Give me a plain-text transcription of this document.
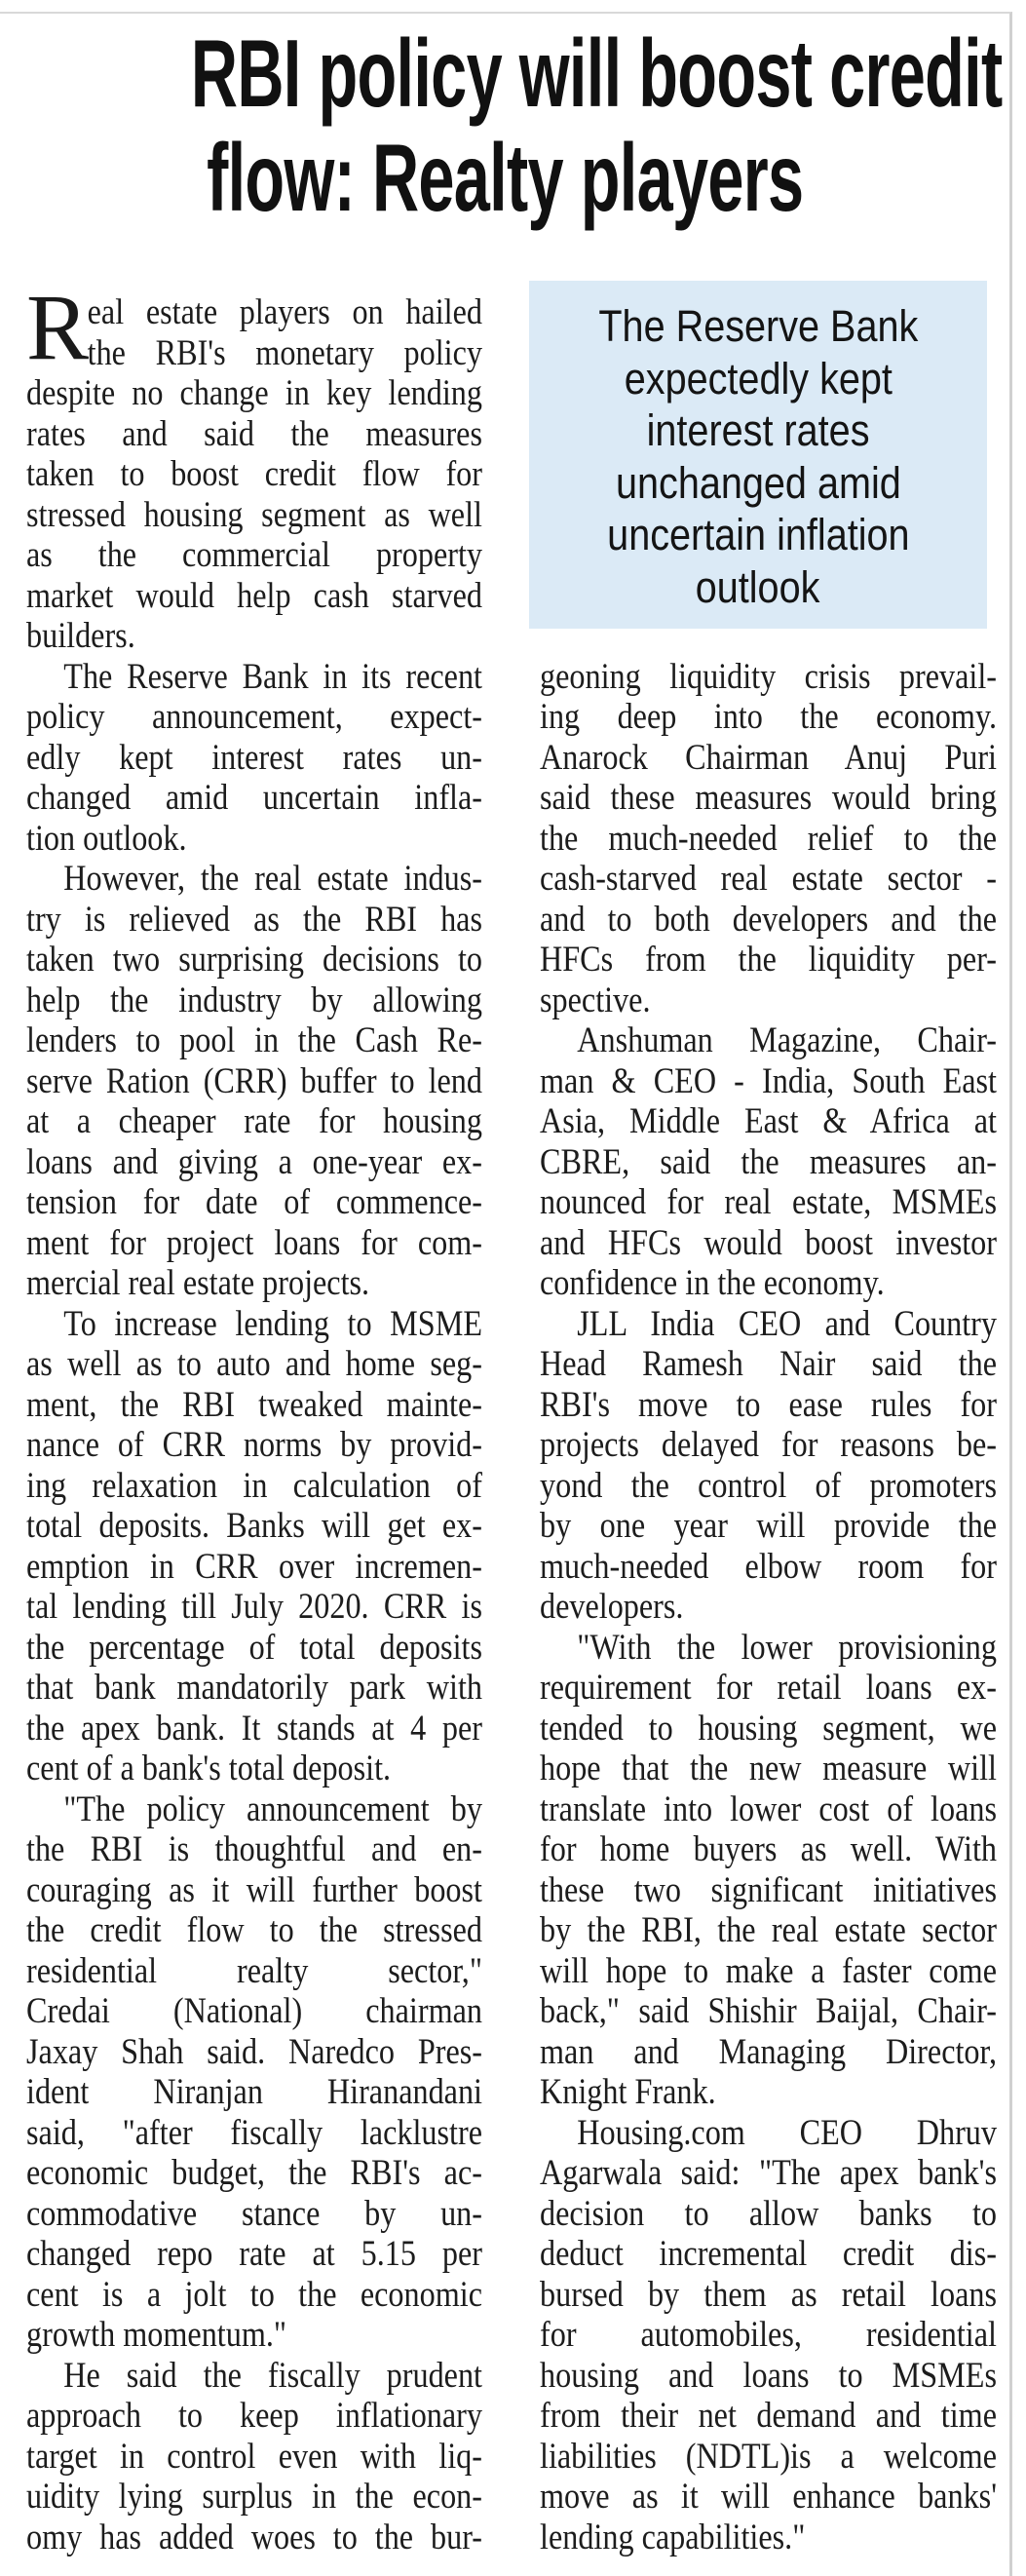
RBI policy will boost credit
flow: Realty players
The Reserve Bank
expectedly kept
interest rates
unchanged amid
uncertain inflation
outlook
R
eal estate players on hailed
the RBI's monetary policy
despite no change in key lending
rates and said the measures
taken to boost credit flow for
stressed housing segment as well
as the commercial property
market would help cash starved
builders.
The Reserve Bank in its recent
policy announcement, expect-
edly kept interest rates un-
changed amid uncertain infla-
tion outlook.
However, the real estate indus-
try is relieved as the RBI has
taken two surprising decisions to
help the industry by allowing
lenders to pool in the Cash Re-
serve Ration (CRR) buffer to lend
at a cheaper rate for housing
loans and giving a one-year ex-
tension for date of commence-
ment for project loans for com-
mercial real estate projects.
To increase lending to MSME
as well as to auto and home seg-
ment, the RBI tweaked mainte-
nance of CRR norms by provid-
ing relaxation in calculation of
total deposits. Banks will get ex-
emption in CRR over incremen-
tal lending till July 2020. CRR is
the percentage of total deposits
that bank mandatorily park with
the apex bank. It stands at 4 per
cent of a bank's total deposit.
"The policy announcement by
the RBI is thoughtful and en-
couraging as it will further boost
the credit flow to the stressed
residential realty sector,"
Credai (National) chairman
Jaxay Shah said. Naredco Pres-
ident Niranjan Hiranandani
said, "after fiscally lacklustre
economic budget, the RBI's ac-
commodative stance by un-
changed repo rate at 5.15 per
cent is a jolt to the economic
growth momentum."
He said the fiscally prudent
approach to keep inflationary
target in control even with liq-
uidity lying surplus in the econ-
omy has added woes to the bur-
geoning liquidity crisis prevail-
ing deep into the economy.
Anarock Chairman Anuj Puri
said these measures would bring
the much-needed relief to the
cash-starved real estate sector -
and to both developers and the
HFCs from the liquidity per-
spective.
Anshuman Magazine, Chair-
man & CEO - India, South East
Asia, Middle East & Africa at
CBRE, said the measures an-
nounced for real estate, MSMEs
and HFCs would boost investor
confidence in the economy.
JLL India CEO and Country
Head Ramesh Nair said the
RBI's move to ease rules for
projects delayed for reasons be-
yond the control of promoters
by one year will provide the
much-needed elbow room for
developers.
"With the lower provisioning
requirement for retail loans ex-
tended to housing segment, we
hope that the new measure will
translate into lower cost of loans
for home buyers as well. With
these two significant initiatives
by the RBI, the real estate sector
will hope to make a faster come
back," said Shishir Baijal, Chair-
man and Managing Director,
Knight Frank.
Housing.com CEO Dhruv
Agarwala said: "The apex bank's
decision to allow banks to
deduct incremental credit dis-
bursed by them as retail loans
for automobiles, residential
housing and loans to MSMEs
from their net demand and time
liabilities (NDTL)is a welcome
move as it will enhance banks'
lending capabilities."
